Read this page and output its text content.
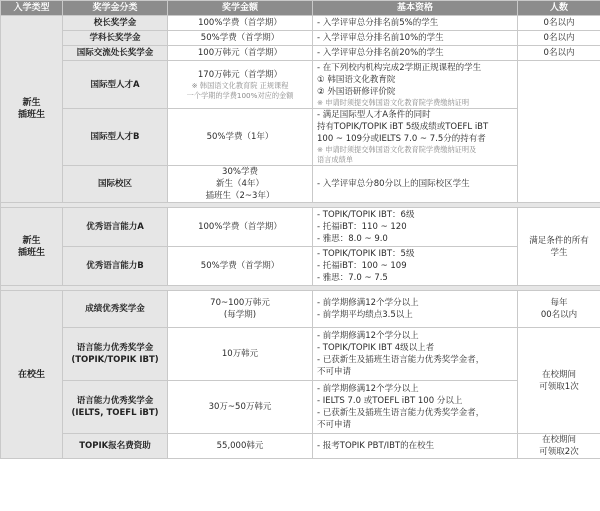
入学类型	奖学金分类	奖学金额	基本资格	人数

新生
插班生	校长奖学金	100%学费（首学期）	- 入学评审总分排名前5%的学生	0名以内

	学科长奖学金	50%学费（首学期）	- 入学评审总分排名前10%的学生	0名以内

	国际交流处长奖学金	100万韩元（首学期）	- 入学评审总分排名前20%的学生	0名以内

	国际型人才A	170万韩元（首学期）
※ 韩国语文化教育院 正规课程
一个学期的学费100%对应的金额	- 在下列校内机构完成2学期正规课程的学生
① 韩国语文化教育院
② 外国语研修评价院
※ 申请时须提交韩国语文化教育院学费缴纳证明	

	国际型人才B	50%学费（1年）	- 满足国际型人才A条件的同时
持有TOPIK/TOPIK iBT 5级成绩或TOEFL iBT
100 ~ 109分或IELTS 7.0 ~ 7.5分的持有者
※ 申请时须提交韩国语文化教育院学费缴纳证明及
语言成绩单	

	国际校区	30%学费
新生（4年）
插班生（2~3年）	- 入学评审总分80分以上的国际校区学生	

新生
插班生	优秀语言能力A	100%学费（首学期）	- TOPIK/TOPIK IBT：6级
- 托福iBT：110 ~ 120
- 雅思：8.0 ~ 9.0	满足条件的所有
学生

	优秀语言能力B	50%学费（首学期）	- TOPIK/TOPIK IBT：5级
- 托福iBT：100 ~ 109
- 雅思：7.0 ~ 7.5	

在校生	成绩优秀奖学金	70~100万韩元
(每学期)	- 前学期修满12个学分以上
- 前学期平均绩点3.5以上	每年
00名以内

	语言能力优秀奖学金
(TOPIK/TOPIK IBT)	10万韩元	- 前学期修满12个学分以上
- TOPIK/TOPIK IBT 4级以上者
- 已获新生及插班生语言能力优秀奖学金者，
不可申请	在校期间
可领取1次

	语言能力优秀奖学金
(IELTS, TOEFL iBT)	30万~50万韩元	- 前学期修满12个学分以上
- IELTS 7.0 或TOEFL iBT 100 分以上
- 已获新生及插班生语言能力优秀奖学金者，
不可申请	

	TOPIK报名费资助	55,000韩元	- 报考TOPIK PBT/IBT的在校生	在校期间
可领取2次
